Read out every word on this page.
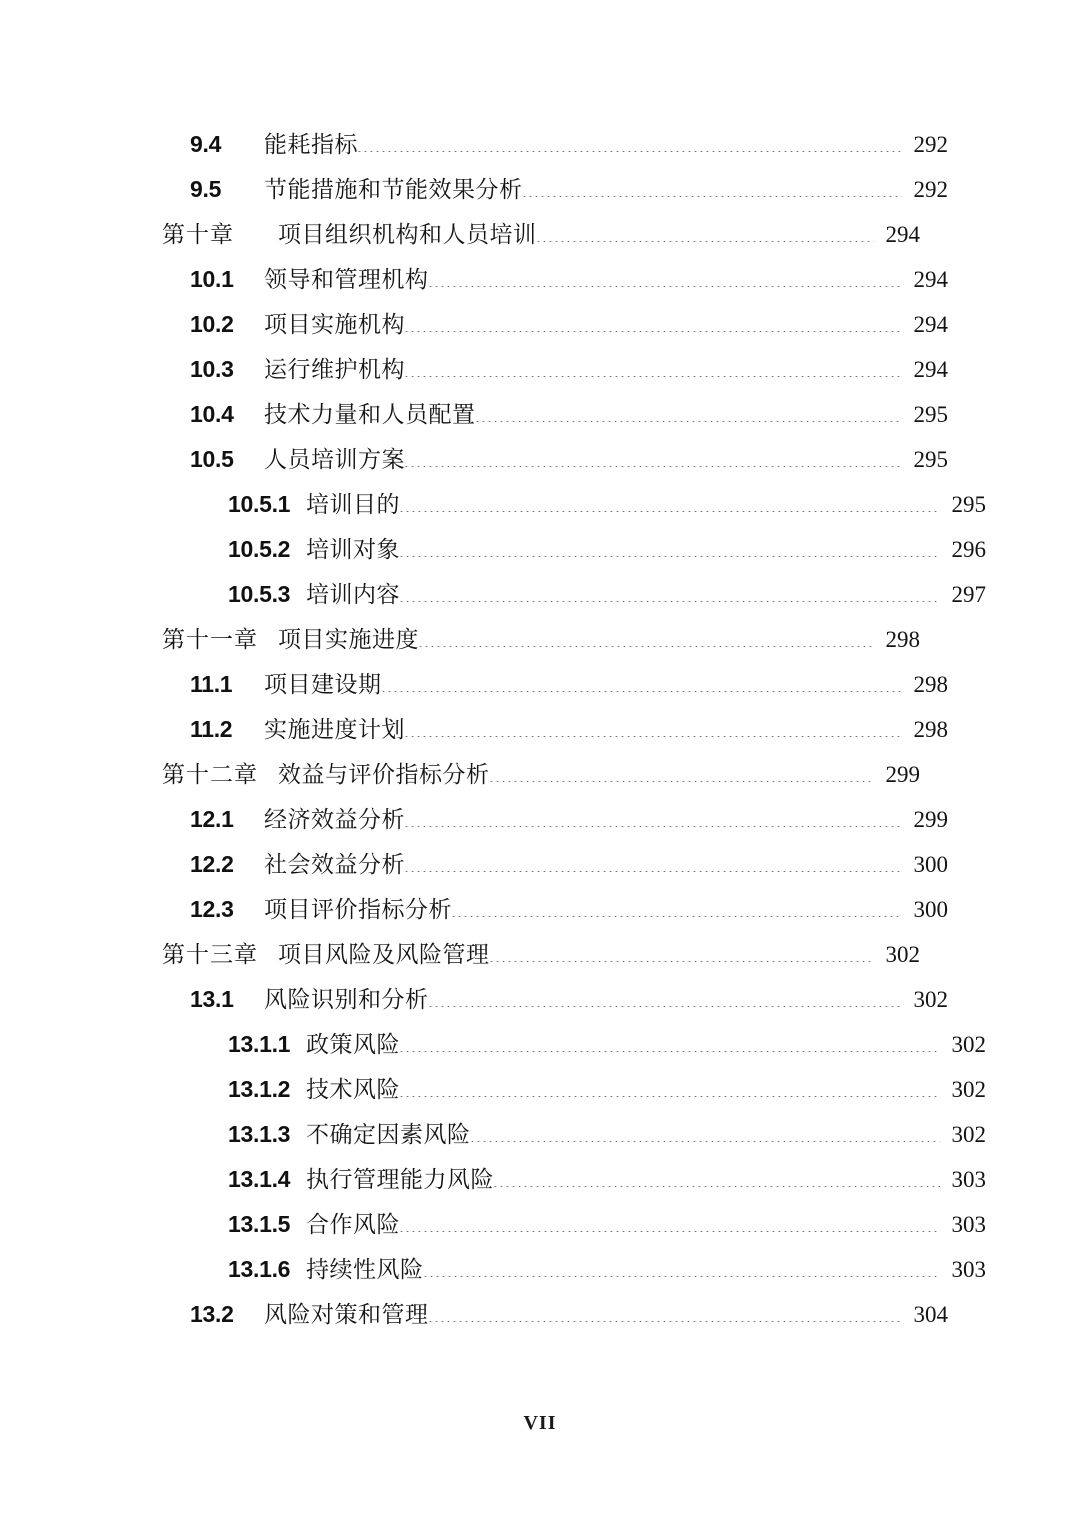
9.4	能耗指标	292
9.5	节能措施和节能效果分析	292
第十章	项目组织机构和人员培训	294
10.1	领导和管理机构	294
10.2	项目实施机构	294
10.3	运行维护机构	294
10.4	技术力量和人员配置	295
10.5	人员培训方案	295
10.5.1 培训目的	295
10.5.2 培训对象	296
10.5.3 培训内容	297
第十一章 项目实施进度	298
11.1	项目建设期	298
11.2	实施进度计划	298
第十二章 效益与评价指标分析	299
12.1	经济效益分析	299
12.2	社会效益分析	300
12.3	项目评价指标分析	300
第十三章 项目风险及风险管理	302
13.1	风险识别和分析	302
13.1.1 政策风险	302
13.1.2 技术风险	302
13.1.3 不确定因素风险	302
13.1.4 执行管理能力风险	303
13.1.5 合作风险	303
13.1.6 持续性风险	303
13.2	风险对策和管理	304
VII
